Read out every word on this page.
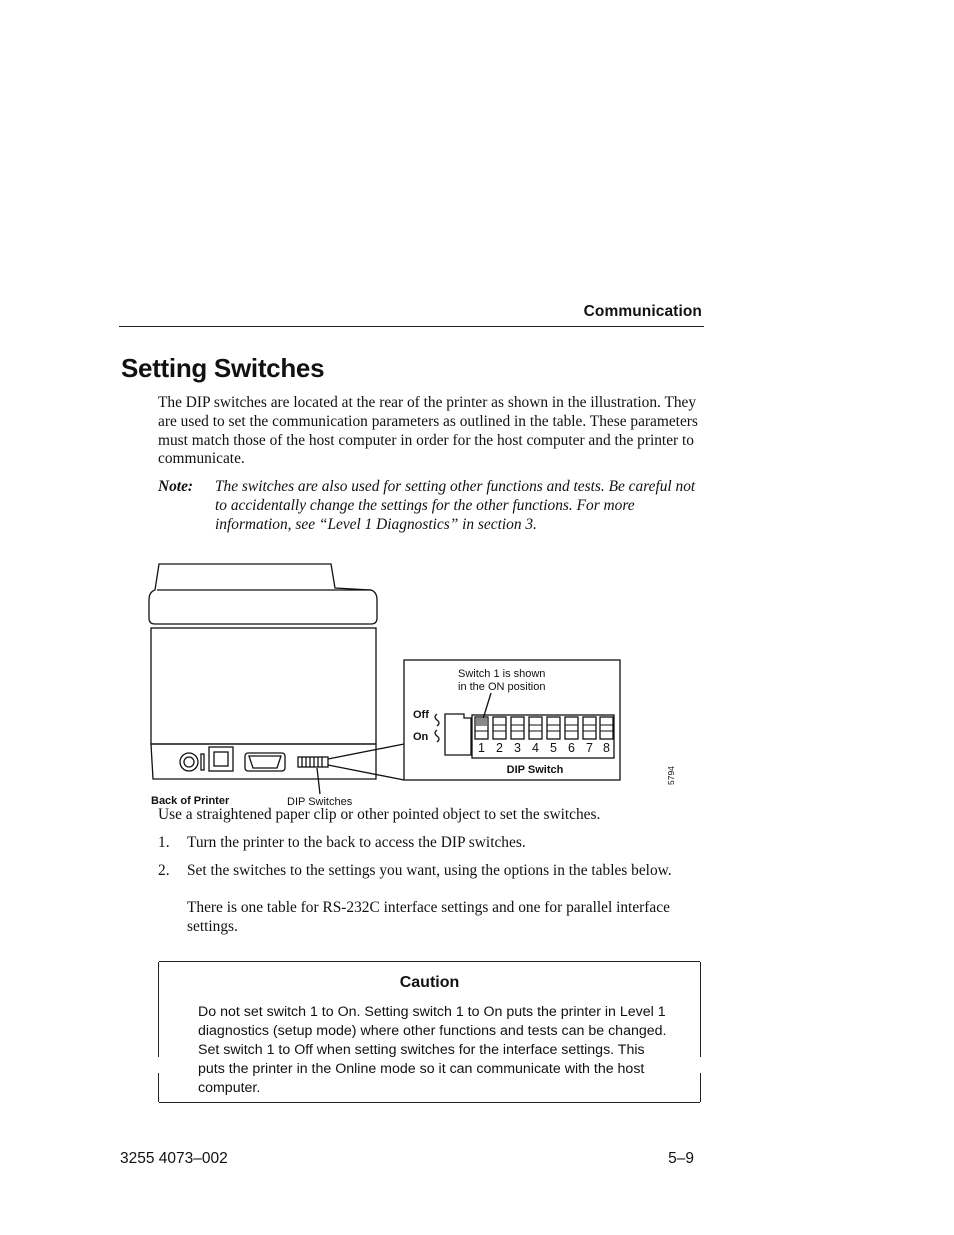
Communication
Setting Switches
The DIP switches are located at the rear of the printer as shown in the illustration. They are used to set the communication parameters as outlined in the table. These parameters must match those of the host computer in order for the host computer and the printer to communicate.
Note: The switches are also used for setting other functions and tests. Be careful not to accidentally change the settings for the other functions. For more information, see “Level 1 Diagnostics” in section 3.
Switch 1 is shown
in the ON position
Off
On
1 2 3 4 5 6 7 8
DIP Switch
Back of Printer	DIP Switches
5794
Use a straightened paper clip or other pointed object to set the switches.
1. Turn the printer to the back to access the DIP switches.
2. Set the switches to the settings you want, using the options in the tables below.
There is one table for RS-232C interface settings and one for parallel interface settings.
Caution
Do not set switch 1 to On. Setting switch 1 to On puts the printer in Level 1 diagnostics (setup mode) where other functions and tests can be changed. Set switch 1 to Off when setting switches for the interface settings. This puts the printer in the Online mode so it can communicate with the host computer.
3255 4073–002	5–9
